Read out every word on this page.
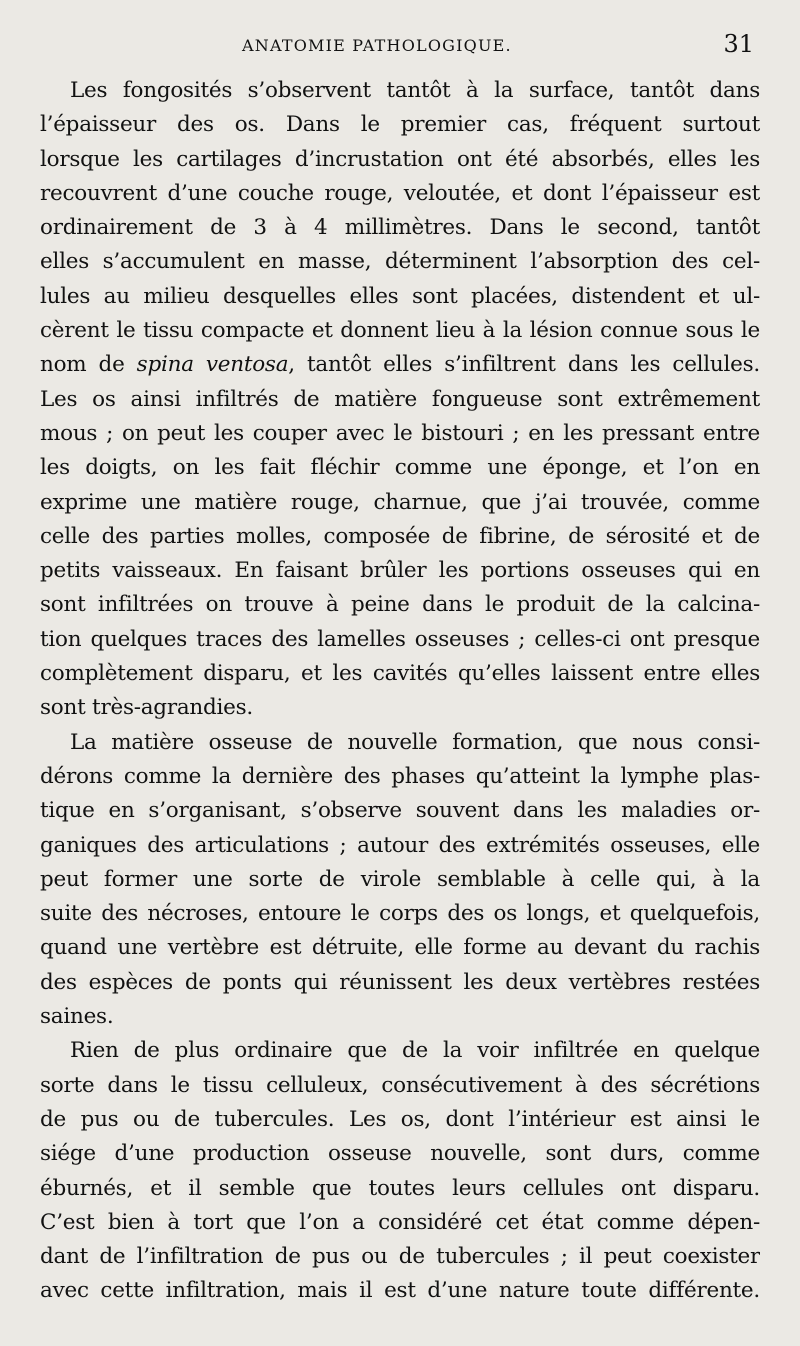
ANATOMIE PATHOLOGIQUE.	31
Les fongosités s’observent tantôt à la surface, tantôt dans
l’épaisseur des os. Dans le premier cas, fréquent surtout
lorsque les cartilages d’incrustation ont été absorbés, elles les
recouvrent d’une couche rouge, veloutée, et dont l’épaisseur est
ordinairement de 3 à 4 millimètres. Dans le second, tantôt
elles s’accumulent en masse, déterminent l’absorption des cel-
lules au milieu desquelles elles sont placées, distendent et ul-
cèrent le tissu compacte et donnent lieu à la lésion connue sous le
nom de spina ventosa, tantôt elles s’infiltrent dans les cellules.
Les os ainsi infiltrés de matière fongueuse sont extrêmement
mous ; on peut les couper avec le bistouri ; en les pressant entre
les doigts, on les fait fléchir comme une éponge, et l’on en
exprime une matière rouge, charnue, que j’ai trouvée, comme
celle des parties molles, composée de fibrine, de sérosité et de
petits vaisseaux. En faisant brûler les portions osseuses qui en
sont infiltrées on trouve à peine dans le produit de la calcina-
tion quelques traces des lamelles osseuses ; celles-ci ont presque
complètement disparu, et les cavités qu’elles laissent entre elles
sont très-agrandies.
La matière osseuse de nouvelle formation, que nous consi-
dérons comme la dernière des phases qu’atteint la lymphe plas-
tique en s’organisant, s’observe souvent dans les maladies or-
ganiques des articulations ; autour des extrémités osseuses, elle
peut former une sorte de virole semblable à celle qui, à la
suite des nécroses, entoure le corps des os longs, et quelquefois,
quand une vertèbre est détruite, elle forme au devant du rachis
des espèces de ponts qui réunissent les deux vertèbres restées
saines.
Rien de plus ordinaire que de la voir infiltrée en quelque
sorte dans le tissu celluleux, consécutivement à des sécrétions
de pus ou de tubercules. Les os, dont l’intérieur est ainsi le
siége d’une production osseuse nouvelle, sont durs, comme
éburnés, et il semble que toutes leurs cellules ont disparu.
C’est bien à tort que l’on a considéré cet état comme dépen-
dant de l’infiltration de pus ou de tubercules ; il peut coexister
avec cette infiltration, mais il est d’une nature toute différente.
